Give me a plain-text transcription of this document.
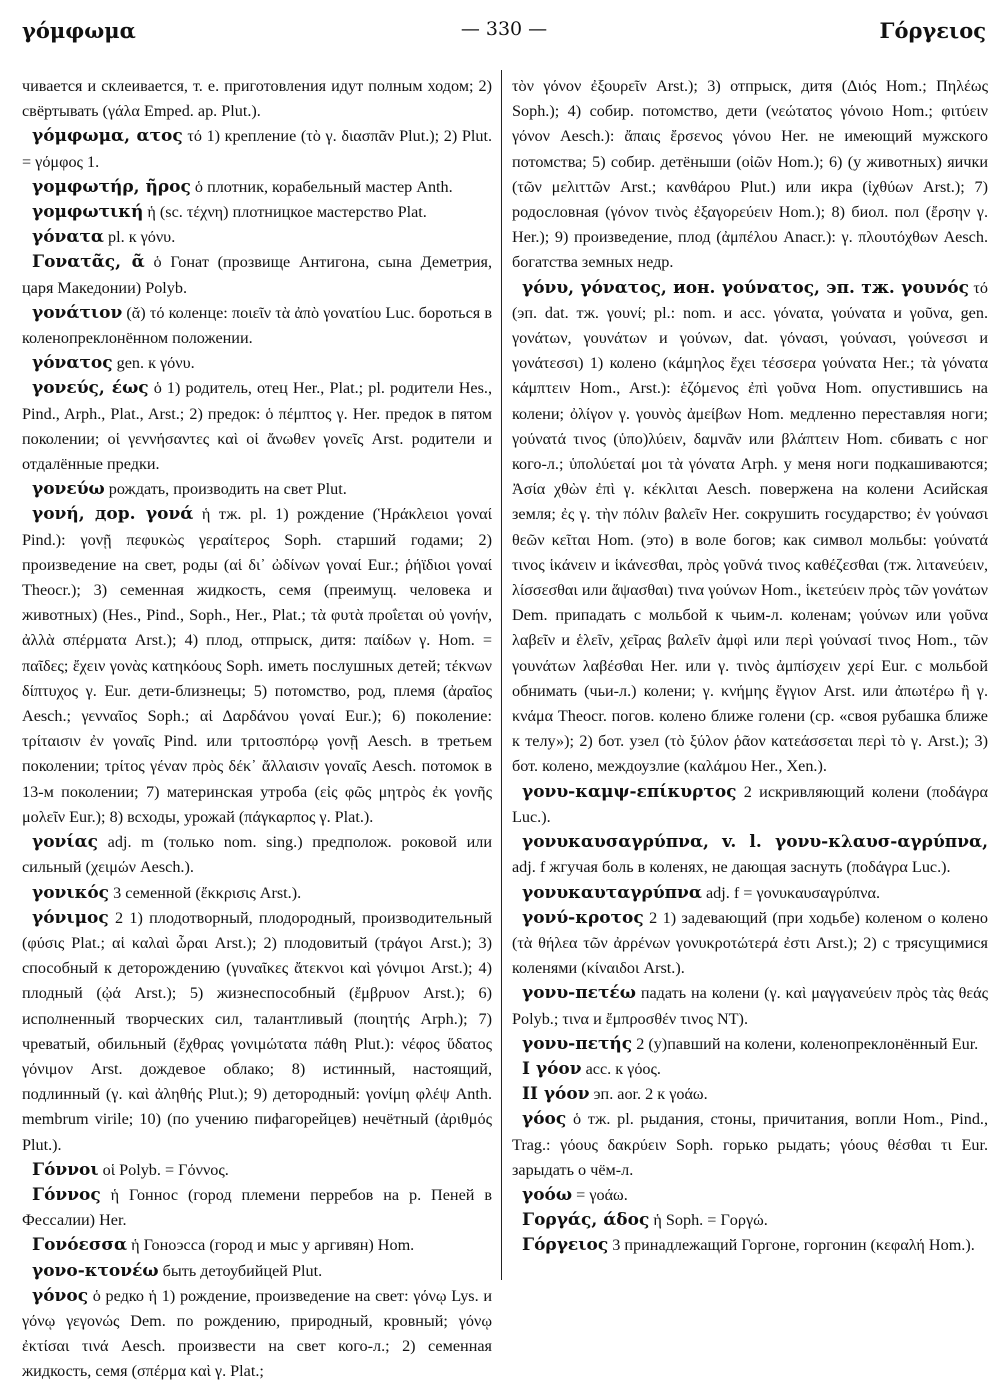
γόμφωμα	— 330 —	Γόργειος

чивается и склеивается, т. е. приготовления идут полным ходом; 2) свёртывать (γάλα Emped. ap. Plut.).

γόμφωμα, ατος τό 1) крепление (τὸ γ. διασπᾶν Plut.); 2) Plut. = γόμφος 1.

γομφωτήρ, ῆρος ὁ плотник, корабельный мастер Anth.

γομφωτική ἡ (sc. τέχνη) плотницкое мастерство Plat.

γόνατα pl. к γόνυ.

Γονατᾶς, ᾶ ὁ Гонат (прозвище Антигона, сына Деметрия, царя Македонии) Polyb.

γονάτιον (ᾰ) τό коленце: ποιεῖν τὰ ἀπὸ γονατίου Luc. бороться в коленопреклонённом положении.

γόνατος gen. к γόνυ.

γονεύς, έως ὁ 1) родитель, отец Her., Plat.; pl. родители Hes., Pind., Arph., Plat., Arst.; 2) предок: ὁ πέμπτος γ. Her. предок в пятом поколении; οἱ γεννήσαντες καὶ οἱ ἄνωθεν γονεῖς Arst. родители и отдалённые предки.

γονεύω рождать, производить на свет Plut.

γονή, дор. γονά ἡ тж. pl. 1) рождение (Ἡράκλειοι γοναί Pind.): γονῇ πεφυκὼς γεραίτερος Soph. старший годами; 2) произведение на свет, роды (αἱ δι᾽ ὠδίνων γοναί Eur.; ῥήϊδιοι γοναί Theocr.); 3) семенная жидкость, семя (преимущ. человека и животных) (Hes., Pind., Soph., Her., Plat.; τὰ φυτὰ προΐεται οὐ γονήν, ἀλλὰ σπέρματα Arst.); 4) плод, отпрыск, дитя: παίδων γ. Hom. = παῖδες; ἔχειν γονὰς κατηκόους Soph. иметь послушных детей; τέκνων δίπτυχος γ. Eur. дети-близнецы; 5) потомство, род, племя (ἀραῖος Aesch.; γενναῖος Soph.; αἱ Δαρδάνου γοναί Eur.); 6) поколение: τρίταισιν ἐν γοναῖς Pind. или τριτοσπόρῳ γονῇ Aesch. в третьем поколении; τρίτος γέναν πρὸς δέκ᾽ ἄλλαισιν γοναῖς Aesch. потомок в 13-м поколении; 7) материнская утроба (εἰς φῶς μητρὸς ἐκ γονῆς μολεῖν Eur.); 8) всходы, урожай (πάγκαρπος γ. Plat.).

γονίας adj. m (только nom. sing.) предполож. роковой или сильный (χειμών Aesch.).

γονικός 3 семенной (ἔκκρισις Arst.).

γόνιμος 2 1) плодотворный, плодородный, производительный (φύσις Plat.; αἱ καλαὶ ὧραι Arst.); 2) плодовитый (τράγοι Arst.); 3) способный к деторождению (γυναῖκες ἄτεκνοι καὶ γόνιμοι Arst.); 4) плодный (ᾠά Arst.); 5) жизнеспособный (ἔμβρυον Arst.); 6) исполненный творческих сил, талантливый (ποιητής Arph.); 7) чреватый, обильный (ἔχθρας γονιμώτατα πάθη Plut.): νέφος ὕδατος γόνιμον Arst. дождевое облако; 8) истинный, настоящий, подлинный (γ. καὶ ἀληθής Plut.); 9) детородный: γονίμη φλέψ Anth. membrum virile; 10) (по учению пифагорейцев) нечётный (ἀριθμός Plut.).

Γόννοι οἱ Polyb. = Γόννος.

Γόννος ἡ Гоннос (город племени перребов на р. Пеней в Фессалии) Her.

Γονόεσσα ἡ Гоноэсса (город и мыс у аргивян) Hom.

γονο-κτονέω быть детоубийцей Plut.

γόνος ὁ редко ἡ 1) рождение, произведение на свет: γόνῳ Lys. и γόνῳ γεγονώς Dem. по рождению, природный, кровный; γόνῳ ἐκτίσαι τινά Aesch. произвести на свет кого-л.; 2) семенная жидкость, семя (σπέρμα καὶ γ. Plat.;

τὸν γόνον ἐξουρεῖν Arst.); 3) отпрыск, дитя (Διός Hom.; Πηλέως Soph.); 4) собир. потомство, дети (νεώτατος γόνοιο Hom.; φιτύειν γόνον Aesch.): ἄπαις ἔρσενος γόνου Her. не имеющий мужского потомства; 5) собир. детёныши (οἰῶν Hom.); 6) (у животных) яички (τῶν μελιττῶν Arst.; κανθάρου Plut.) или икра (ἰχθύων Arst.); 7) родословная (γόνον τινὸς ἐξαγορεύειν Hom.); 8) биол. пол (ἔρσην γ. Her.); 9) произведение, плод (ἀμπέλου Anacr.): γ. πλουτόχθων Aesch. богатства земных недр.

γόνυ, γόνατος, ион. γούνατος, эп. тж. γουνός τό (эп. dat. тж. γουνί; pl.: nom. и acc. γόνατα, γούνατα и γοῦνα, gen. γονάτων, γουνάτων и γούνων, dat. γόνασι, γούνασι, γούνεσσι и γονάτεσσι) 1) колено (κάμηλος ἔχει τέσσερα γούνατα Her.; τὰ γόνατα κάμπτειν Hom., Arst.): ἑζόμενος ἐπὶ γοῦνα Hom. опустившись на колени; ὀλίγον γ. γουνὸς ἀμείβων Hom. медленно переставляя ноги; γούνατά τινος (ὑπο)λύειν, δαμνᾶν или βλάπτειν Hom. сбивать с ног кого-л.; ὑπολύεταί μοι τὰ γόνατα Arph. у меня ноги подкашиваются; Ἀσία χθὼν ἐπὶ γ. κέκλιται Aesch. повержена на колени Асийская земля; ἐς γ. τὴν πόλιν βαλεῖν Her. сокрушить государство; ἐν γούνασι θεῶν κεῖται Hom. (это) в воле богов; как символ мольбы: γούνατά τινος ἱκάνειν и ἱκάνεσθαι, πρὸς γοῦνά τινος καθέζεσθαι (тж. λιτανεύειν, λίσσεσθαι или ἅψασθαι) τινα γούνων Hom., ἱκετεύειν πρὸς τῶν γονάτων Dem. припадать с мольбой к чьим-л. коленам; γούνων или γοῦνα λαβεῖν и ἑλεῖν, χεῖρας βαλεῖν ἀμφὶ или περὶ γούνασί τινος Hom., τῶν γουνάτων λαβέσθαι Her. или γ. τινὸς ἀμπίσχειν χερί Eur. с мольбой обнимать (чьи-л.) колени; γ. κνήμης ἔγγιον Arst. или ἀπωτέρω ἢ γ. κνάμα Theocr. погов. колено ближе голени (ср. «своя рубашка ближе к телу»); 2) бот. узел (τὸ ξύλον ῥᾶον κατεάσσεται περὶ τὸ γ. Arst.); 3) бот. колено, междоузлие (καλάμου Her., Xen.).

γονυ-καμψ-επίκυρτος 2 искривляющий колени (ποδάγρα Luc.).

γονυκαυσαγρύπνα, v. l. γονυ-κλαυσ-αγρύπνα, adj. f жгучая боль в коленях, не дающая заснуть (ποδάγρα Luc.).

γονυκαυταγρύπνα adj. f = γονυκαυσαγρύπνα.

γονύ-κροτος 2 1) задевающий (при ходьбе) коленом о колено (τὰ θήλεα τῶν ἀρρένων γονυκροτώτερά ἐστι Arst.); 2) с трясущимися коленями (κίναιδοι Arst.).

γονυ-πετέω падать на колени (γ. καὶ μαγγανεύειν πρὸς τὰς θεάς Polyb.; τινα и ἔμπροσθέν τινος NT).

γονυ-πετής 2 (у)павший на колени, коленопреклонённый Eur.

I γόον acc. к γόος.

II γόον эп. aor. 2 к γοάω.

γόος ὁ тж. pl. рыдания, стоны, причитания, вопли Hom., Pind., Trag.: γόους δακρύειν Soph. горько рыдать; γόους θέσθαι τι Eur. зарыдать о чём-л.

γοόω = γοάω.

Γοργάς, άδος ἡ Soph. = Γοργώ.

Γόργειος 3 принадлежащий Горгоне, горгонин (κεφαλή Hom.).
